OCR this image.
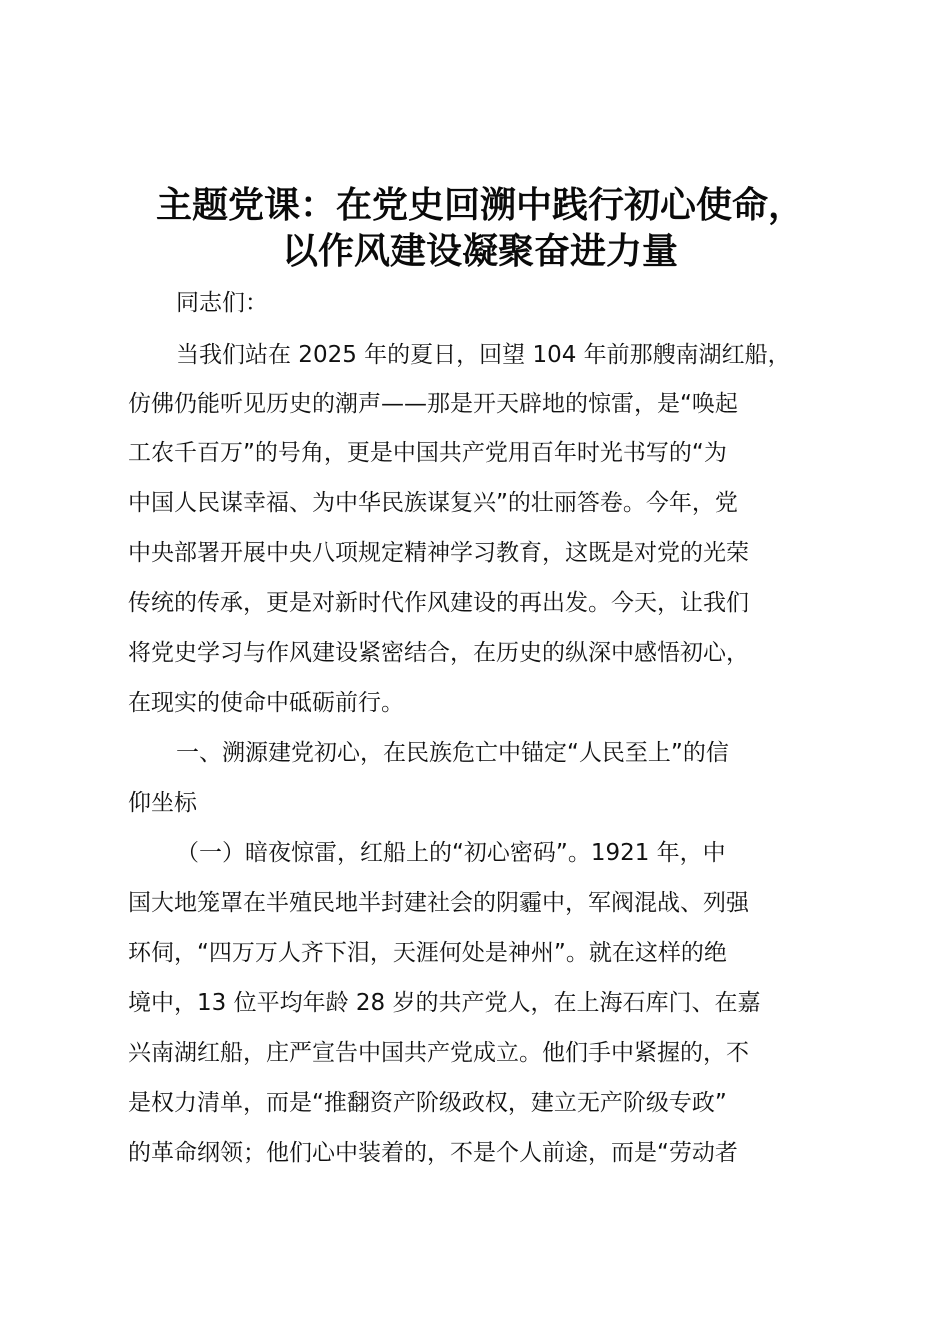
主题党课：在党史回溯中践行初心使命，
以作风建设凝聚奋进力量
同志们：
当我们站在 2025 年的夏日，回望 104 年前那艘南湖红船，
仿佛仍能听见历史的潮声——那是开天辟地的惊雷，是“唤起
工农千百万”的号角，更是中国共产党用百年时光书写的“为
中国人民谋幸福、为中华民族谋复兴”的壮丽答卷。今年，党
中央部署开展中央八项规定精神学习教育，这既是对党的光荣
传统的传承，更是对新时代作风建设的再出发。今天，让我们
将党史学习与作风建设紧密结合，在历史的纵深中感悟初心，
在现实的使命中砥砺前行。
一、溯源建党初心，在民族危亡中锚定“人民至上”的信
仰坐标
（一）暗夜惊雷，红船上的“初心密码”。1921 年，中
国大地笼罩在半殖民地半封建社会的阴霾中，军阀混战、列强
环伺，“四万万人齐下泪，天涯何处是神州”。就在这样的绝
境中，13 位平均年龄 28 岁的共产党人，在上海石库门、在嘉
兴南湖红船，庄严宣告中国共产党成立。他们手中紧握的，不
是权力清单，而是“推翻资产阶级政权，建立无产阶级专政”
的革命纲领；他们心中装着的，不是个人前途，而是“劳动者
